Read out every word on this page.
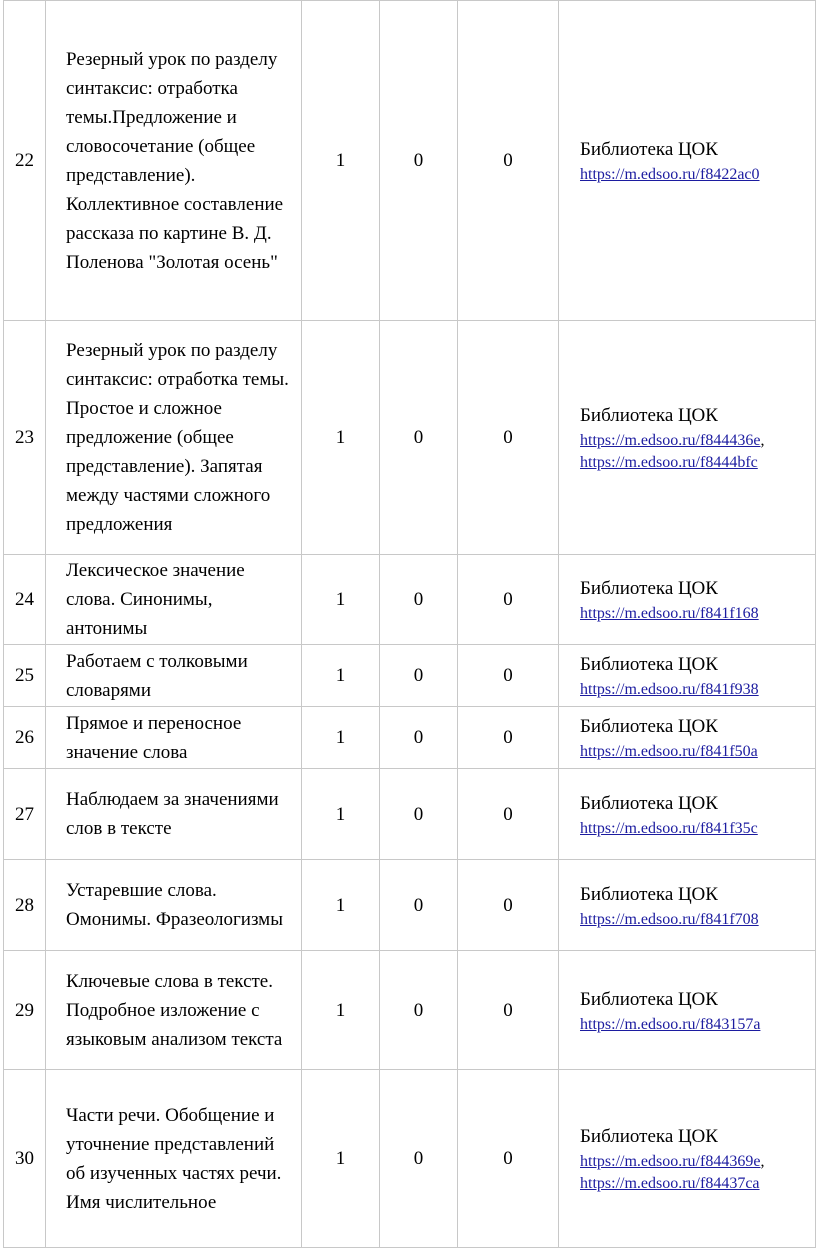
22	Резерный урок по разделу синтаксис: отработка темы.Предложение и словосочетание (общее представление). Коллективное составление рассказа по картине В. Д. Поленова "Золотая осень"	1	0	0	Библиотека ЦОК
https://m.edsoo.ru/f8422ac0

23	Резерный урок по разделу синтаксис: отработка темы. Простое и сложное предложение (общее представление). Запятая между частями сложного предложения	1	0	0	Библиотека ЦОК
https://m.edsoo.ru/f844436e,
https://m.edsoo.ru/f8444bfc

24	Лексическое значение слова. Синонимы, антонимы	1	0	0	Библиотека ЦОК
https://m.edsoo.ru/f841f168

25	Работаем с толковыми словарями	1	0	0	Библиотека ЦОК
https://m.edsoo.ru/f841f938

26	Прямое и переносное значение слова	1	0	0	Библиотека ЦОК
https://m.edsoo.ru/f841f50a

27	Наблюдаем за значениями слов в тексте	1	0	0	Библиотека ЦОК
https://m.edsoo.ru/f841f35c

28	Устаревшие слова. Омонимы. Фразеологизмы	1	0	0	Библиотека ЦОК
https://m.edsoo.ru/f841f708

29	Ключевые слова в тексте. Подробное изложение с языковым анализом текста	1	0	0	Библиотека ЦОК
https://m.edsoo.ru/f843157a

30	Части речи. Обобщение и уточнение представлений об изученных частях речи. Имя числительное	1	0	0	Библиотека ЦОК
https://m.edsoo.ru/f844369e,
https://m.edsoo.ru/f84437ca
